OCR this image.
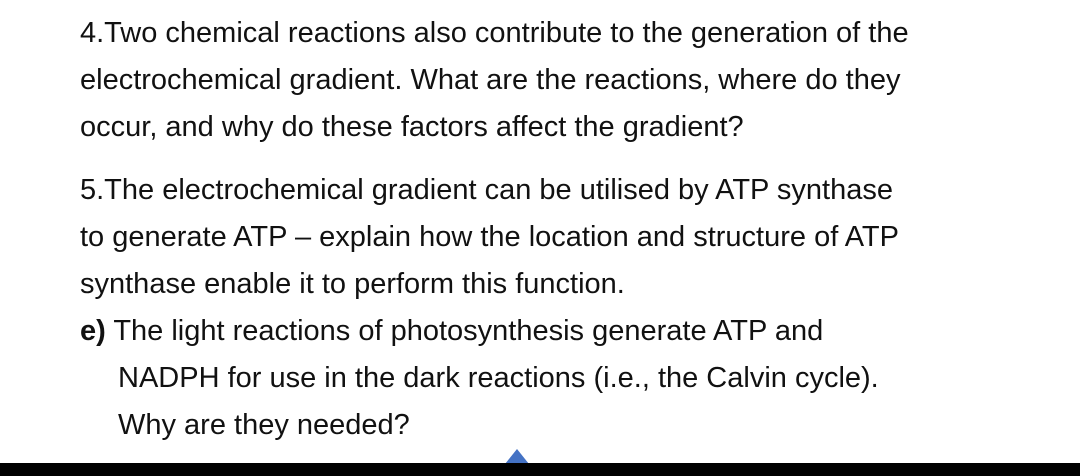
4.Two chemical reactions also contribute to the generation of the
electrochemical gradient. What are the reactions, where do they
occur, and why do these factors affect the gradient?

5.The electrochemical gradient can be utilised by ATP synthase
to generate ATP – explain how the location and structure of ATP
synthase enable it to perform this function.

e) The light reactions of photosynthesis generate ATP and
NADPH for use in the dark reactions (i.e., the Calvin cycle).
Why are they needed?
